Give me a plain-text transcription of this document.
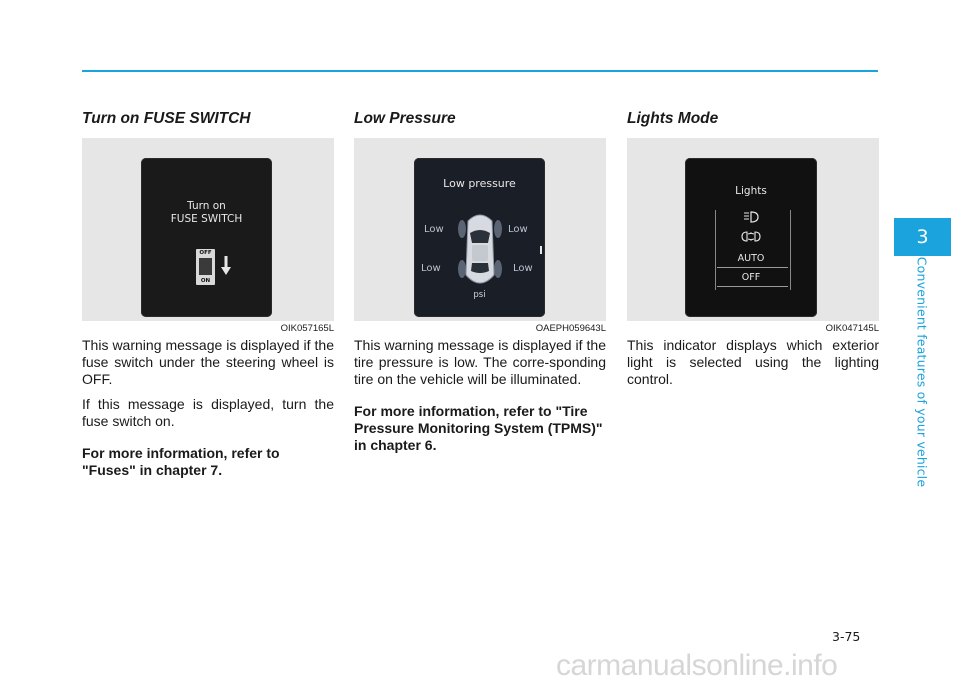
Turn on FUSE SWITCH
Turn on
FUSE SWITCH
OFF
ON
OIK057165L

This warning message is displayed if the fuse switch under the steering wheel is OFF.

If this message is displayed, turn the fuse switch on.

For more information, refer to "Fuses" in chapter 7.

Low Pressure
Low pressure
Low	Low
Low	Low
psi
OAEPH059643L

This warning message is displayed if the tire pressure is low. The corre-sponding tire on the vehicle will be illuminated.

For more information, refer to "Tire Pressure Monitoring System (TPMS)" in chapter 6.

Lights Mode
Lights
AUTO
OFF
OIK047145L

This indicator displays which exterior light is selected using the lighting control.

3
Convenient features of your vehicle
3-75
carmanualsonline.info
